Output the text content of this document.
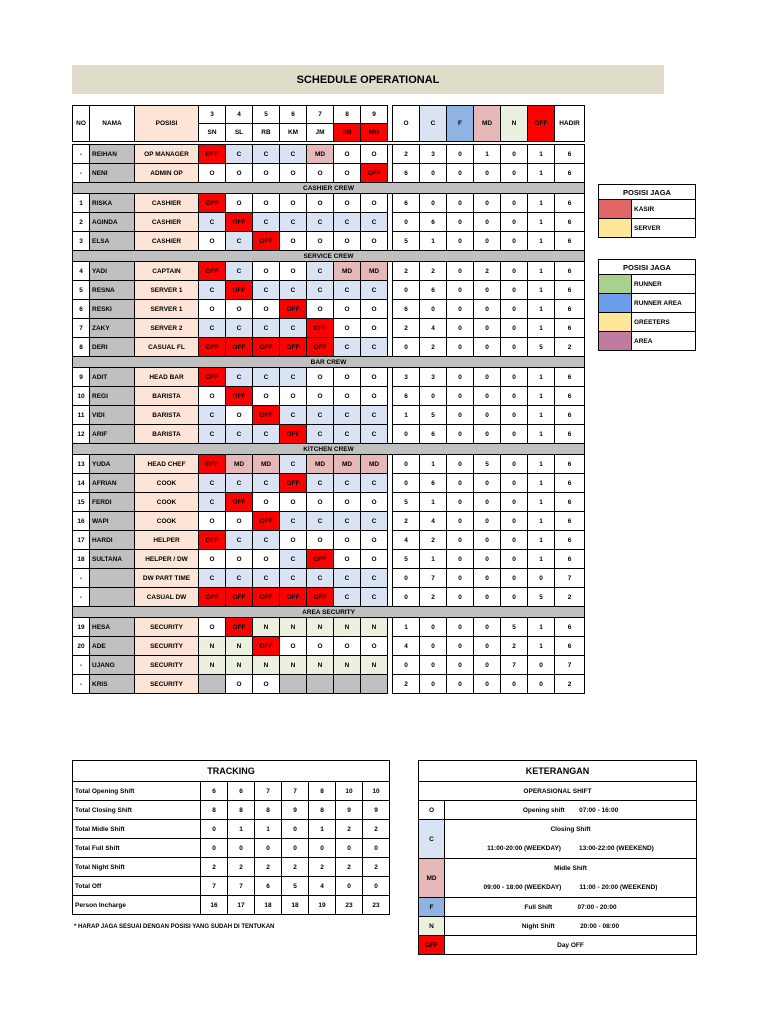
SCHEDULE OPERATIONAL
NO	NAMA	POSISI	3	4	5	6	7	8	9		O	C	F	MD	N	OFF	HADIR
			SN	SL	RB	KM	JM	SB	MG								

-	REIHAN	OP MANAGER	OFF	C	C	C	MD	O	O		2	3	0	1	0	1	6
-	NENI	ADMIN OP	O	O	O	O	O	O	OFF		6	0	0	0	0	1	6
CASHIER CREW																	
1	RISKA	CASHIER	OFF	O	O	O	O	O	O		6	0	0	0	0	1	6
2	AGINDA	CASHIER	C	OFF	C	C	C	C	C		0	6	0	0	0	1	6
3	ELSA	CASHIER	O	C	OFF	O	O	O	O		5	1	0	0	0	1	6
SERVICE CREW																	
4	YADI	CAPTAIN	OFF	C	O	O	C	MD	MD		2	2	0	2	0	1	6
5	RESNA	SERVER 1	C	OFF	C	C	C	C	C		0	6	0	0	0	1	6
6	RESKI	SERVER 1	O	O	O	OFF	O	O	O		6	0	0	0	0	1	6
7	ZAKY	SERVER 2	C	C	C	C	OFF	O	O		2	4	0	0	0	1	6
8	DERI	CASUAL FL	OFF	OFF	OFF	OFF	OFF	C	C		0	2	0	0	0	5	2
BAR CREW																	
9	ADIT	HEAD BAR	OFF	C	C	C	O	O	O		3	3	0	0	0	1	6
10	REGI	BARISTA	O	OFF	O	O	O	O	O		6	0	0	0	0	1	6
11	VIDI	BARISTA	C	O	OFF	C	C	C	C		1	5	0	0	0	1	6
12	ARIF	BARISTA	C	C	C	OFF	C	C	C		0	6	0	0	0	1	6
KITCHEN CREW																	
13	YUDA	HEAD CHEF	OFF	MD	MD	C	MD	MD	MD		0	1	0	5	0	1	6
14	AFRIAN	COOK	C	C	C	OFF	C	C	C		0	6	0	0	0	1	6
15	FERDI	COOK	C	OFF	O	O	O	O	O		5	1	0	0	0	1	6
16	WAPI	COOK	O	O	OFF	C	C	C	C		2	4	0	0	0	1	6
17	HARDI	HELPER	OFF	C	C	O	O	O	O		4	2	0	0	0	1	6
18	SULTANA	HELPER / DW	O	O	O	C	OFF	O	O		5	1	0	0	0	1	6
-		DW PART TIME	C	C	C	C	C	C	C		0	7	0	0	0	0	7
-		CASUAL DW	OFF	OFF	OFF	OFF	OFF	C	C		0	2	0	0	0	5	2
AREA SECURITY																	
19	HESA	SECURITY	O	OFF	N	N	N	N	N		1	0	0	0	5	1	6
20	ADE	SECURITY	N	N	OFF	O	O	O	O		4	0	0	0	2	1	6
-	UJANG	SECURITY	N	N	N	N	N	N	N		0	0	0	0	7	0	7
-	KRIS	SECURITY		O	O						2	0	0	0	0	0	2
POSISI JAGA	
	KASIR
	SERVER
POSISI JAGA	
	RUNNER
	RUNNER AREA
	GREETERS
	AREA
TRACKING							
Total Opening Shift	6	6	7	7	8	10	10
Total Closing Shift	8	8	8	9	8	9	9
Total Midle Shift	0	1	1	0	1	2	2
Total Full Shift	0	0	0	0	0	0	0
Total Night Shift	2	2	2	2	2	2	2
Total Off	7	7	6	5	4	0	0
Person Incharge	16	17	18	18	19	23	23
* HARAP JAGA SESUAI DENGAN POSISI YANG SUDAH DI TENTUKAN
KETERANGAN	
OPERASIONAL SHIFT	
O	Opening shift 07:00 - 16:00
C	Closing Shift
	11:00-20:00 (WEEKDAY) 13:00-22:00 (WEEKEND)
MD	Midle Shift
	09:00 - 18:00 (WEEKDAY) 11:00 - 20:00 (WEEKEND)
F	Full Shift 07:00 - 20:00
N	Night Shift 20:00 - 08:00
OFF	Day OFF
